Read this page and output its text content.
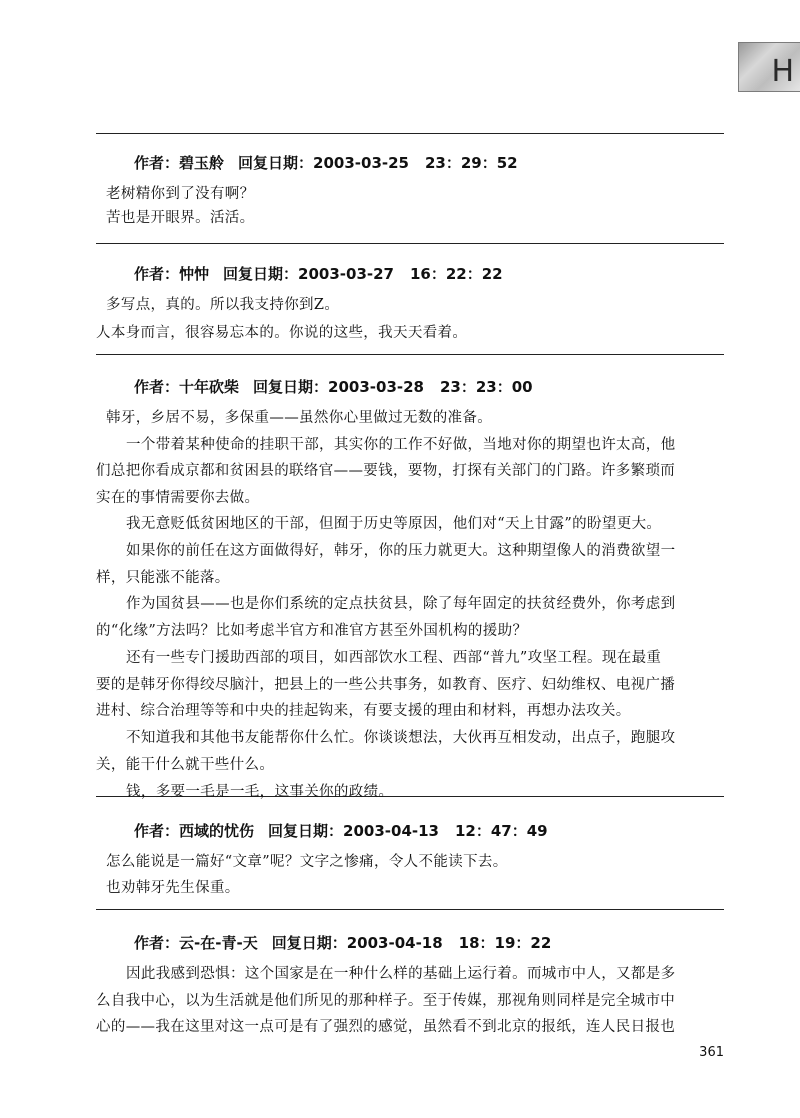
H
作者：碧玉舲 回复日期：2003-03-25 23：29：52
老树精你到了没有啊？
苦也是开眼界。活活。
作者：忡忡 回复日期：2003-03-27 16：22：22
多写点，真的。所以我支持你到Z。
人本身而言，很容易忘本的。你说的这些，我天天看着。
作者：十年砍柴 回复日期：2003-03-28 23：23：00
韩牙，乡居不易，多保重——虽然你心里做过无数的准备。
一个带着某种使命的挂职干部，其实你的工作不好做，当地对你的期望也许太高，他
们总把你看成京都和贫困县的联络官——要钱，要物，打探有关部门的门路。许多繁琐而
实在的事情需要你去做。
我无意贬低贫困地区的干部，但囿于历史等原因，他们对“天上甘露”的盼望更大。
如果你的前任在这方面做得好，韩牙，你的压力就更大。这种期望像人的消费欲望一
样，只能涨不能落。
作为国贫县——也是你们系统的定点扶贫县，除了每年固定的扶贫经费外，你考虑到
的“化缘”方法吗？比如考虑半官方和准官方甚至外国机构的援助？
还有一些专门援助西部的项目，如西部饮水工程、西部“普九”攻坚工程。现在最重
要的是韩牙你得绞尽脑汁，把县上的一些公共事务，如教育、医疗、妇幼维权、电视广播
进村、综合治理等等和中央的挂起钩来，有要支援的理由和材料，再想办法攻关。
不知道我和其他书友能帮你什么忙。你谈谈想法，大伙再互相发动，出点子，跑腿攻
关，能干什么就干些什么。
钱，多要一毛是一毛，这事关你的政绩。
作者：西域的忧伤 回复日期：2003-04-13 12：47：49
怎么能说是一篇好“文章”呢？文字之惨痛，令人不能读下去。
也劝韩牙先生保重。
作者：云-在-青-天 回复日期：2003-04-18 18：19：22
因此我感到恐惧：这个国家是在一种什么样的基础上运行着。而城市中人，又都是多
么自我中心，以为生活就是他们所见的那种样子。至于传媒，那视角则同样是完全城市中
心的——我在这里对这一点可是有了强烈的感觉，虽然看不到北京的报纸，连人民日报也
361
